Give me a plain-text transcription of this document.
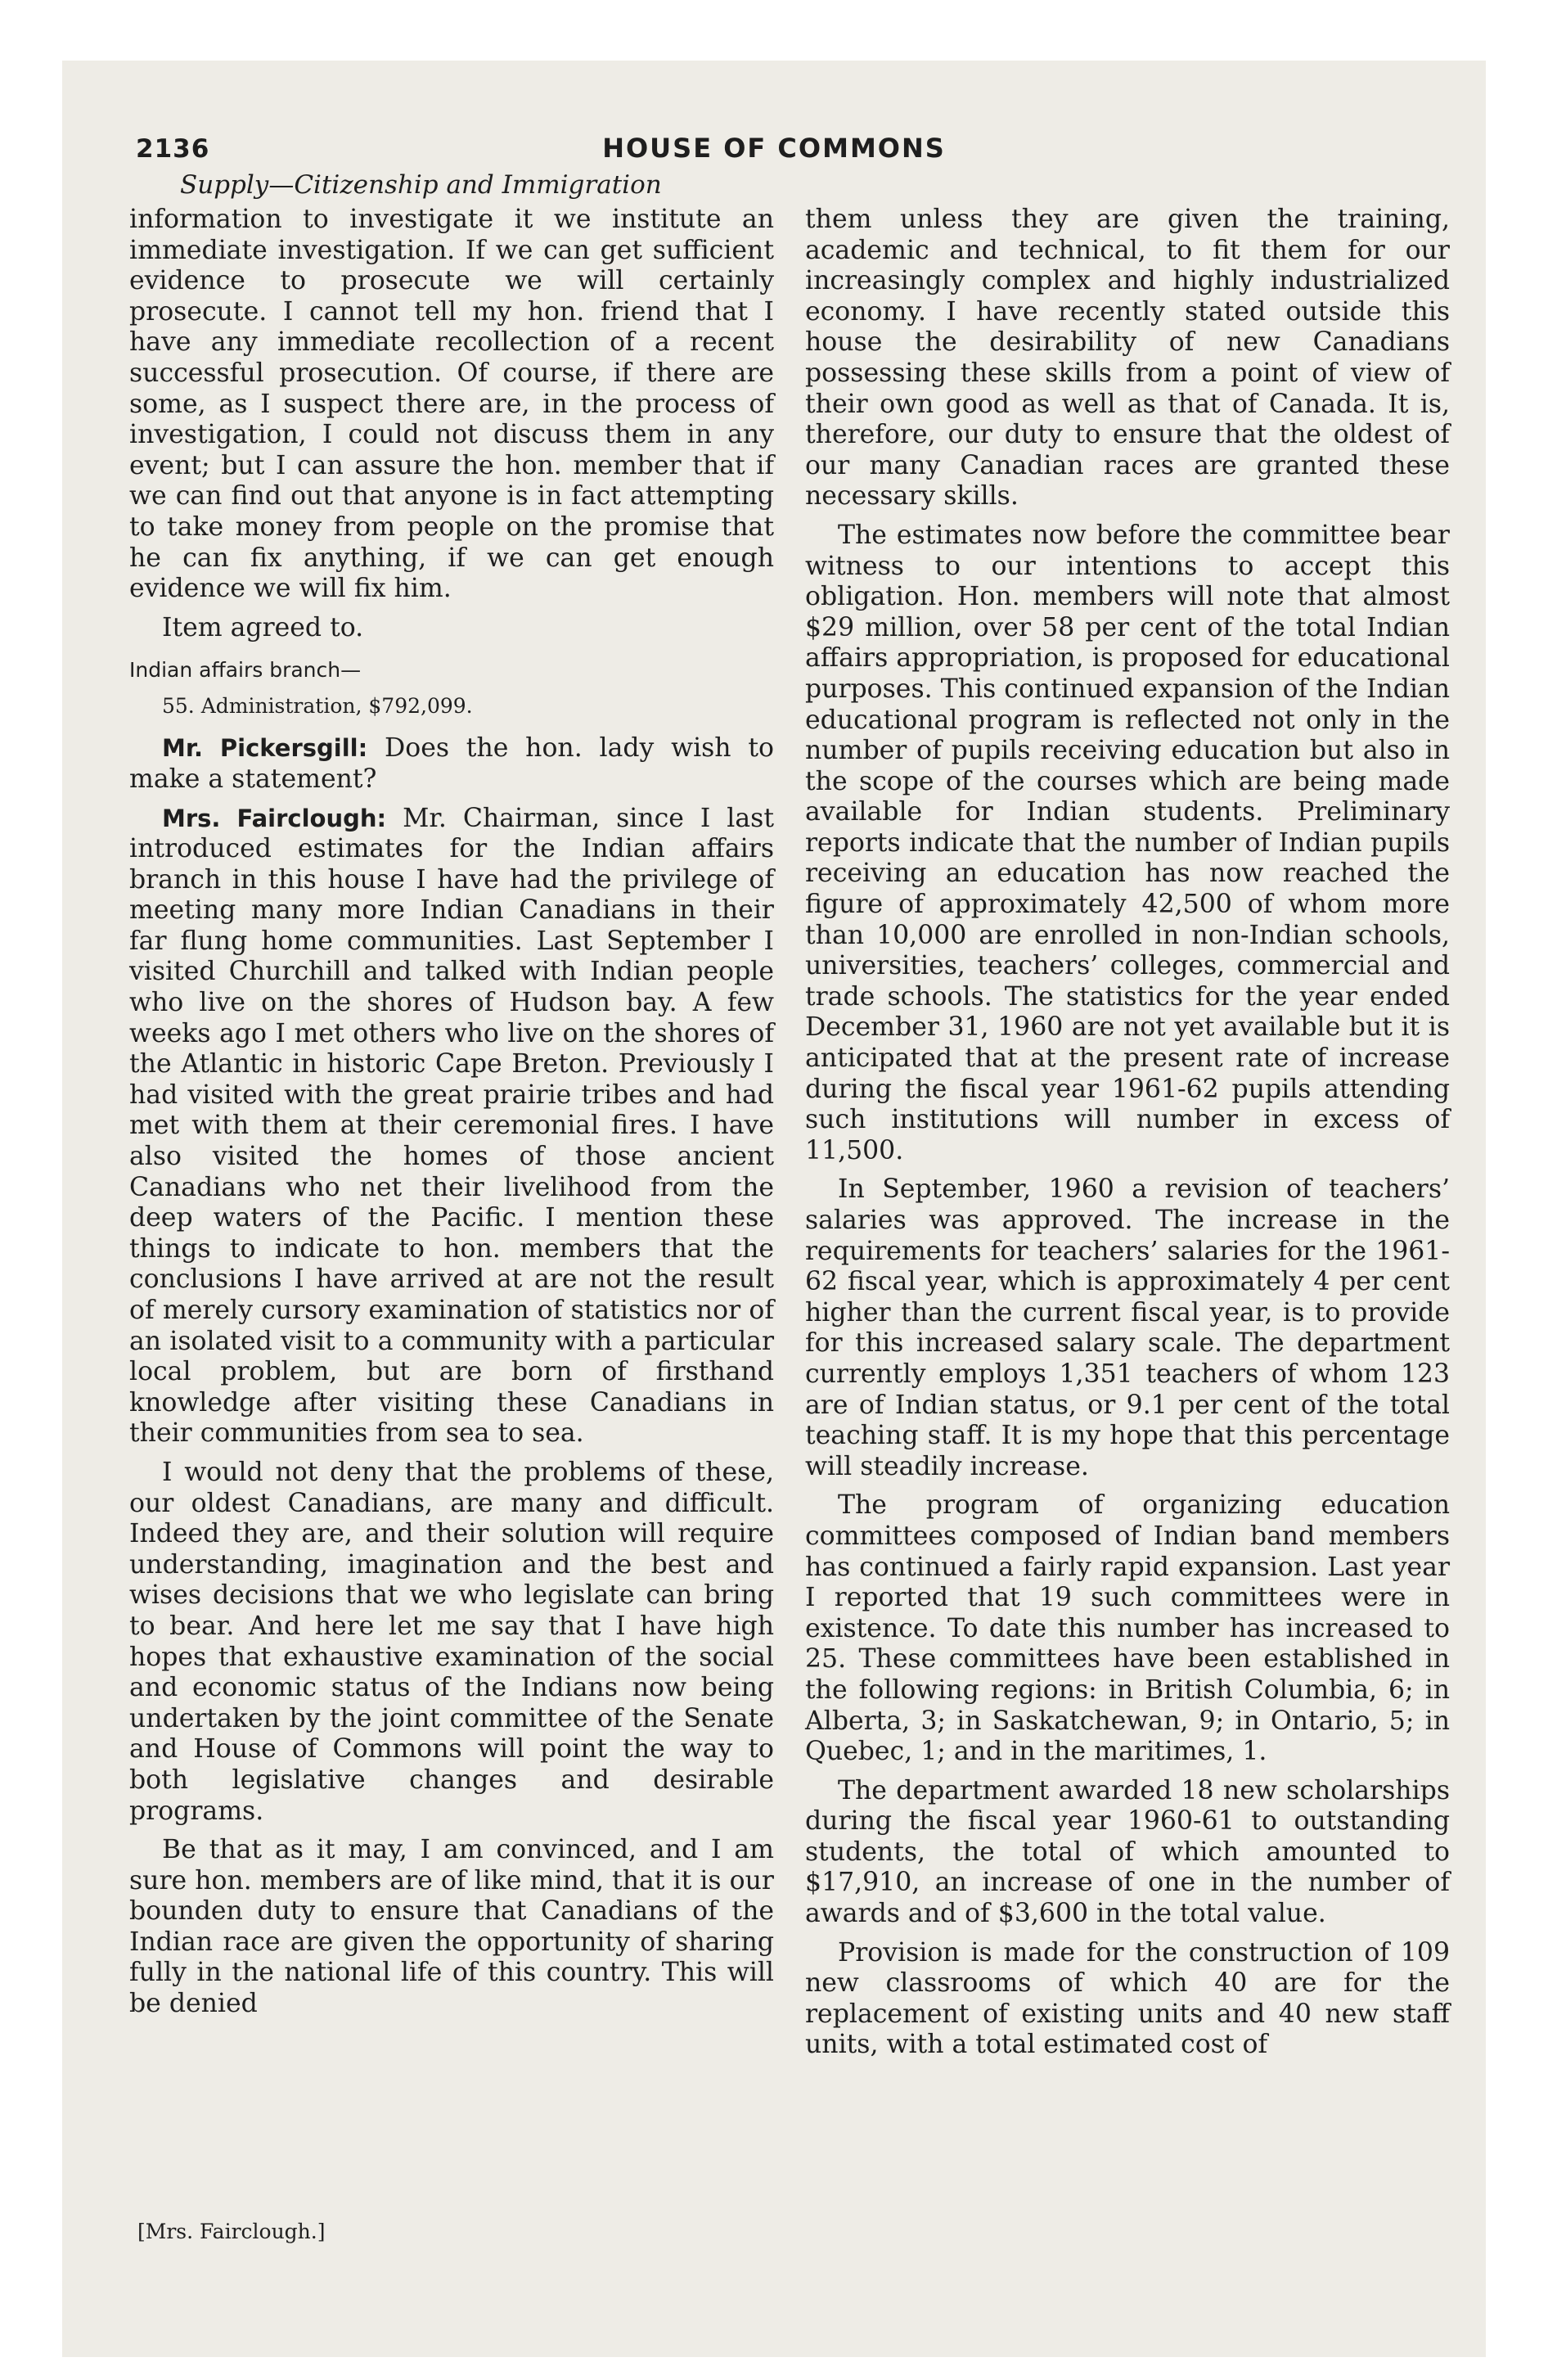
2136	HOUSE OF COMMONS
Supply—Citizenship and Immigration

information to investigate it we institute an immediate investigation. If we can get sufficient evidence to prosecute we will certainly prosecute. I cannot tell my hon. friend that I have any immediate recollection of a recent successful prosecution. Of course, if there are some, as I suspect there are, in the process of investigation, I could not discuss them in any event; but I can assure the hon. member that if we can find out that anyone is in fact attempting to take money from people on the promise that he can fix anything, if we can get enough evidence we will fix him.

Item agreed to.

Indian affairs branch—

55. Administration, $792,099.

Mr. Pickersgill: Does the hon. lady wish to make a statement?

Mrs. Fairclough: Mr. Chairman, since I last introduced estimates for the Indian affairs branch in this house I have had the privilege of meeting many more Indian Canadians in their far flung home communities. Last September I visited Churchill and talked with Indian people who live on the shores of Hudson bay. A few weeks ago I met others who live on the shores of the Atlantic in historic Cape Breton. Previously I had visited with the great prairie tribes and had met with them at their ceremonial fires. I have also visited the homes of those ancient Canadians who net their livelihood from the deep waters of the Pacific. I mention these things to indicate to hon. members that the conclusions I have arrived at are not the result of merely cursory examination of statistics nor of an isolated visit to a community with a particular local problem, but are born of firsthand knowledge after visiting these Canadians in their communities from sea to sea.

I would not deny that the problems of these, our oldest Canadians, are many and difficult. Indeed they are, and their solution will require understanding, imagination and the best and wises decisions that we who legislate can bring to bear. And here let me say that I have high hopes that exhaustive examination of the social and economic status of the Indians now being undertaken by the joint committee of the Senate and House of Commons will point the way to both legislative changes and desirable programs.

Be that as it may, I am convinced, and I am sure hon. members are of like mind, that it is our bounden duty to ensure that Canadians of the Indian race are given the opportunity of sharing fully in the national life of this country. This will be denied

them unless they are given the training, academic and technical, to fit them for our increasingly complex and highly industrialized economy. I have recently stated outside this house the desirability of new Canadians possessing these skills from a point of view of their own good as well as that of Canada. It is, therefore, our duty to ensure that the oldest of our many Canadian races are granted these necessary skills.

The estimates now before the committee bear witness to our intentions to accept this obligation. Hon. members will note that almost $29 million, over 58 per cent of the total Indian affairs appropriation, is proposed for educational purposes. This continued expansion of the Indian educational program is reflected not only in the number of pupils receiving education but also in the scope of the courses which are being made available for Indian students. Preliminary reports indicate that the number of Indian pupils receiving an education has now reached the figure of approximately 42,500 of whom more than 10,000 are enrolled in non-Indian schools, universities, teachers’ colleges, commercial and trade schools. The statistics for the year ended December 31, 1960 are not yet available but it is anticipated that at the present rate of increase during the fiscal year 1961-62 pupils attending such institutions will number in excess of 11,500.

In September, 1960 a revision of teachers’ salaries was approved. The increase in the requirements for teachers’ salaries for the 1961-62 fiscal year, which is approximately 4 per cent higher than the current fiscal year, is to provide for this increased salary scale. The department currently employs 1,351 teachers of whom 123 are of Indian status, or 9.1 per cent of the total teaching staff. It is my hope that this percentage will steadily increase.

The program of organizing education committees composed of Indian band members has continued a fairly rapid expansion. Last year I reported that 19 such committees were in existence. To date this number has increased to 25. These committees have been established in the following regions: in British Columbia, 6; in Alberta, 3; in Saskatchewan, 9; in Ontario, 5; in Quebec, 1; and in the maritimes, 1.

The department awarded 18 new scholarships during the fiscal year 1960-61 to outstanding students, the total of which amounted to $17,910, an increase of one in the number of awards and of $3,600 in the total value.

Provision is made for the construction of 109 new classrooms of which 40 are for the replacement of existing units and 40 new staff units, with a total estimated cost of

[Mrs. Fairclough.]
